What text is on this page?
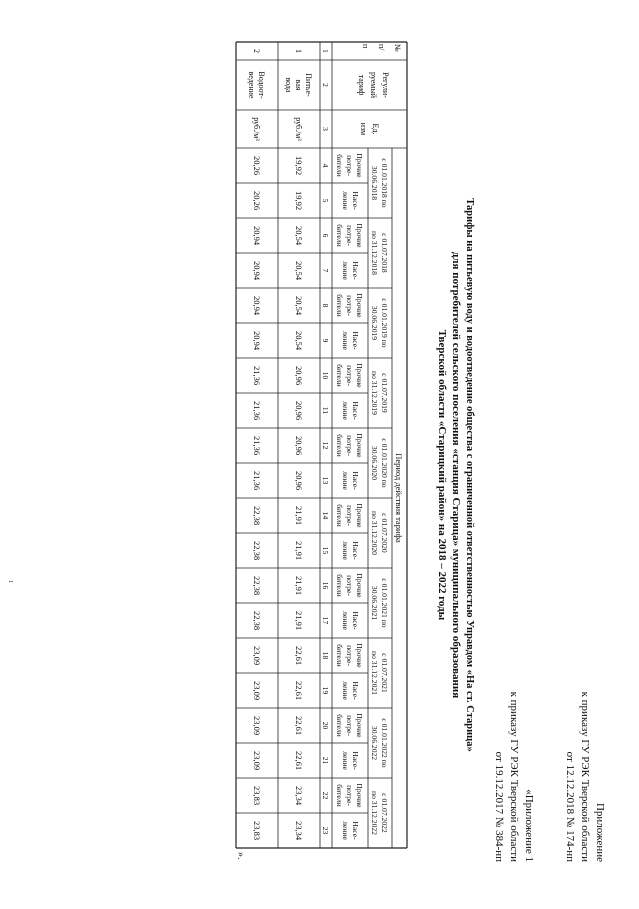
Приложение
к приказу ГУ РЭК Тверской области
от 12.12.2018 № 174-нп
«Приложение 1
к приказу ГУ РЭК Тверской области
от 19.12.2017 № 384-нп
Тарифы на питьевую воду и водоотведение общества с ограниченной ответственностью Управдом «На ст. Старица»
для потребителей сельского поселения «станция Старица» муниципального образования
Тверской области «Старицкий район» на 2018 – 2022 годы
№
п/
п
Регули-
руемый
тариф
Ед.
изм
Период действия тарифа
с 01.01.2018 по
30.06.2018
с 01.07.2018
по 31.12.2018
с 01.01.2019 по
30.06.2019
с 01.07.2019
по 31.12.2019
с 01.01.2020 по
30.06.2020
с 01.07.2020
по 31.12.2020
с 01.01.2021 по
30.06.2021
с 01.07.2021
по 31.12.2021
с 01.01.2022 по
30.06.2022
с 01.07.2022
по 31.12.2022
Прочие
потре-
бители
Насе-
ление
Прочие
потре-
бители
Насе-
ление
Прочие
потре-
бители
Насе-
ление
Прочие
потре-
бители
Насе-
ление
Прочие
потре-
бители
Насе-
ление
Прочие
потре-
бители
Насе-
ление
Прочие
потре-
бители
Насе-
ление
Прочие
потре-
бители
Насе-
ление
Прочие
потре-
бители
Насе-
ление
Прочие
потре-
бители
Насе-
ление
1
2
3
4
5
6
7
8
9
10
11
12
13
14
15
16
17
18
19
20
21
22
23
1
Питье-
вая
вода
руб./м³
19,92
19,92
20,54
20,54
20,54
20,54
20,96
20,96
20,96
20,96
21,91
21,91
21,91
21,91
22,61
22,61
22,61
22,61
23,34
23,34
2
Водоот-
ведение
руб./м³
20,26
20,26
20,94
20,94
20,94
20,94
21,36
21,36
21,36
21,36
22,38
22,38
22,38
22,38
23,09
23,09
23,09
23,09
23,83
23,83
».
1
